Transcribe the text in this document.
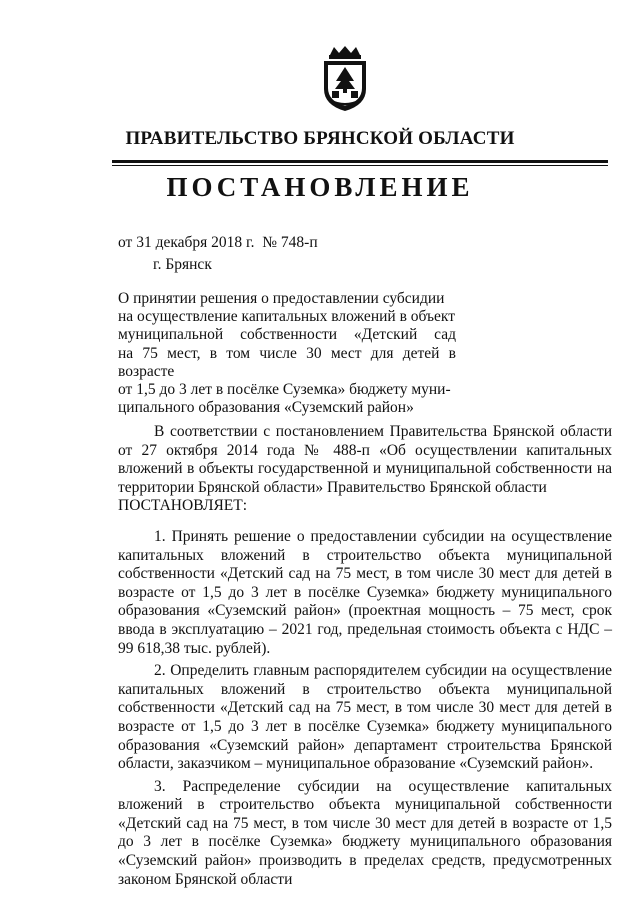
ПРАВИТЕЛЬСТВО БРЯНСКОЙ ОБЛАСТИ
ПОСТАНОВЛЕНИЕ
от 31 декабря 2018 г.  № 748-п
г. Брянск
О принятии решения о предоставлении субсидии
на осуществление капитальных вложений в объект
муниципальной собственности «Детский сад
на 75 мест, в том числе 30 мест для детей в возрасте
от 1,5 до 3 лет в посёлке Суземка» бюджету муни-
ципального образования «Суземский район»

В соответствии с постановлением Правительства Брянской области от 27 октября 2014 года № 488-п «Об осуществлении капитальных вложений в объекты государственной и муниципальной собственности на территории Брянской области» Правительство Брянской области

ПОСТАНОВЛЯЕТ:

1. Принять решение о предоставлении субсидии на осуществление капитальных вложений в строительство объекта муниципальной собственности «Детский сад на 75 мест, в том числе 30 мест для детей в возрасте от 1,5 до 3 лет в посёлке Суземка» бюджету муниципального образования «Суземский район» (проектная мощность – 75 мест, срок ввода в эксплуатацию – 2021 год, предельная стоимость объекта с НДС – 99 618,38 тыс. рублей).

2. Определить главным распорядителем субсидии на осуществление капитальных вложений в строительство объекта муниципальной собственности «Детский сад на 75 мест, в том числе 30 мест для детей в возрасте от 1,5 до 3 лет в посёлке Суземка» бюджету муниципального образования «Суземский район» департамент строительства Брянской области, заказчиком – муниципальное образование «Суземский район».

3. Распределение субсидии на осуществление капитальных вложений в строительство объекта муниципальной собственности «Детский сад на 75 мест, в том числе 30 мест для детей в возрасте от 1,5 до 3 лет в посёлке Суземка» бюджету муниципального образования «Суземский район» производить в пределах средств, предусмотренных законом Брянской области
